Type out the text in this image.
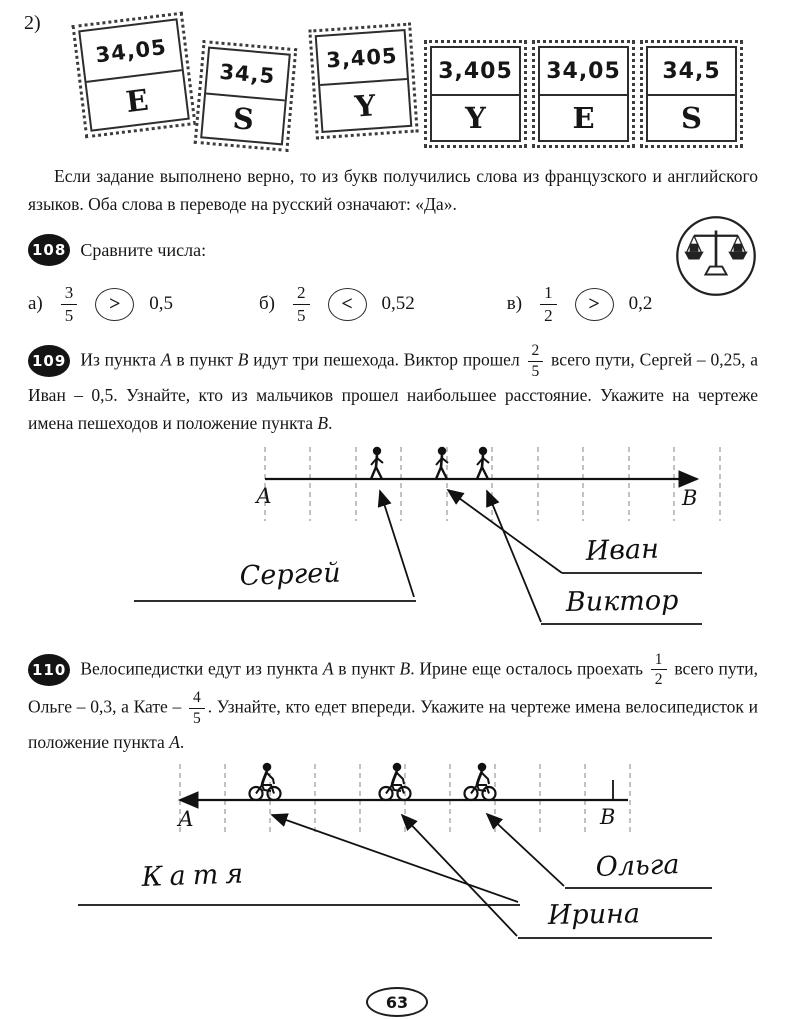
2)
34,05
E
34,5
S
3,405
Y
3,405
Y
34,05
E
34,5
S

Если задание выполнено верно, то из букв получились слова из французского и английского языков. Оба слова в переводе на русский означают: «Да».

108 Сравните числа:
$а) \frac{3}{5}$	>	0,5	$б) \frac{2}{5}$	<	0,52	$в) \frac{1}{2}$	>	0,2

109 Из пункта А в пункт В идут три пешехода. Виктор прошел $\frac{2}{5}$ всего пути, Сергей – 0,25, а Иван – 0,5. Узнайте, кто из мальчиков прошел наибольшее расстояние. Укажите на чертеже имена пешеходов и положение пункта В.

А	В
Сергей
Иван
Виктор

110 Велосипедистки едут из пункта А в пункт В. Ирине еще осталось проехать $\frac{1}{2}$ всего пути, Ольге – 0,3, а Кате – $\frac{4}{5}$ . Узнайте, кто едет впереди. Укажите на чертеже имена велосипедисток и положение пункта А.

А	В
Катя	Ольга
Ирина
63
